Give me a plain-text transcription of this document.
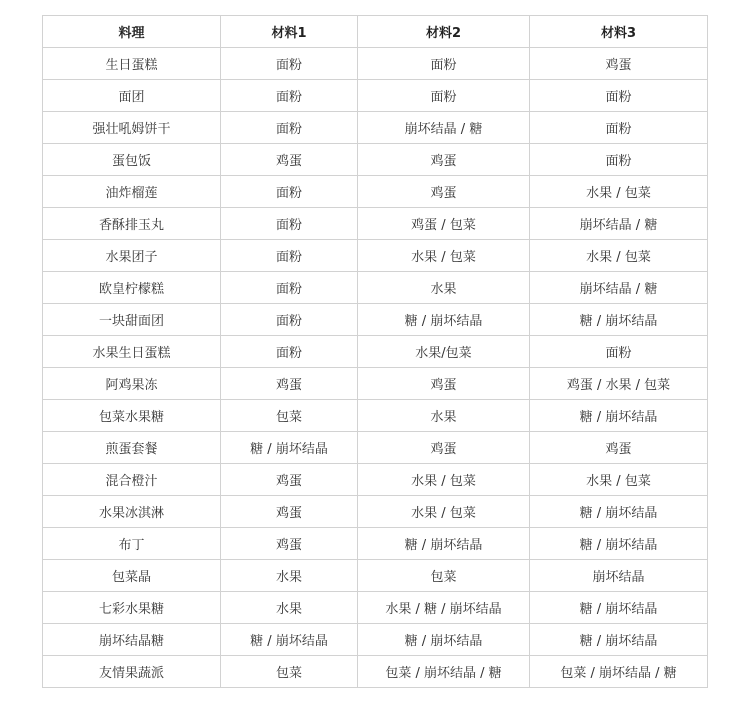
料理	材料1	材料2	材料3
生日蛋糕	面粉	面粉	鸡蛋
面团	面粉	面粉	面粉
强壮吼姆饼干	面粉	崩坏结晶 / 糖	面粉
蛋包饭	鸡蛋	鸡蛋	面粉
油炸榴莲	面粉	鸡蛋	水果 / 包菜
香酥排玉丸	面粉	鸡蛋 / 包菜	崩坏结晶 / 糖
水果团子	面粉	水果 / 包菜	水果 / 包菜
欧皇柠檬糕	面粉	水果	崩坏结晶 / 糖
一块甜面团	面粉	糖 / 崩坏结晶	糖 / 崩坏结晶
水果生日蛋糕	面粉	水果/包菜	面粉
阿鸡果冻	鸡蛋	鸡蛋	鸡蛋 / 水果 / 包菜
包菜水果糖	包菜	水果	糖 / 崩坏结晶
煎蛋套餐	糖 / 崩坏结晶	鸡蛋	鸡蛋
混合橙汁	鸡蛋	水果 / 包菜	水果 / 包菜
水果冰淇淋	鸡蛋	水果 / 包菜	糖 / 崩坏结晶
布丁	鸡蛋	糖 / 崩坏结晶	糖 / 崩坏结晶
包菜晶	水果	包菜	崩坏结晶
七彩水果糖	水果	水果 / 糖 / 崩坏结晶	糖 / 崩坏结晶
崩坏结晶糖	糖 / 崩坏结晶	糖 / 崩坏结晶	糖 / 崩坏结晶
友情果蔬派	包菜	包菜 / 崩坏结晶 / 糖	包菜 / 崩坏结晶 / 糖
